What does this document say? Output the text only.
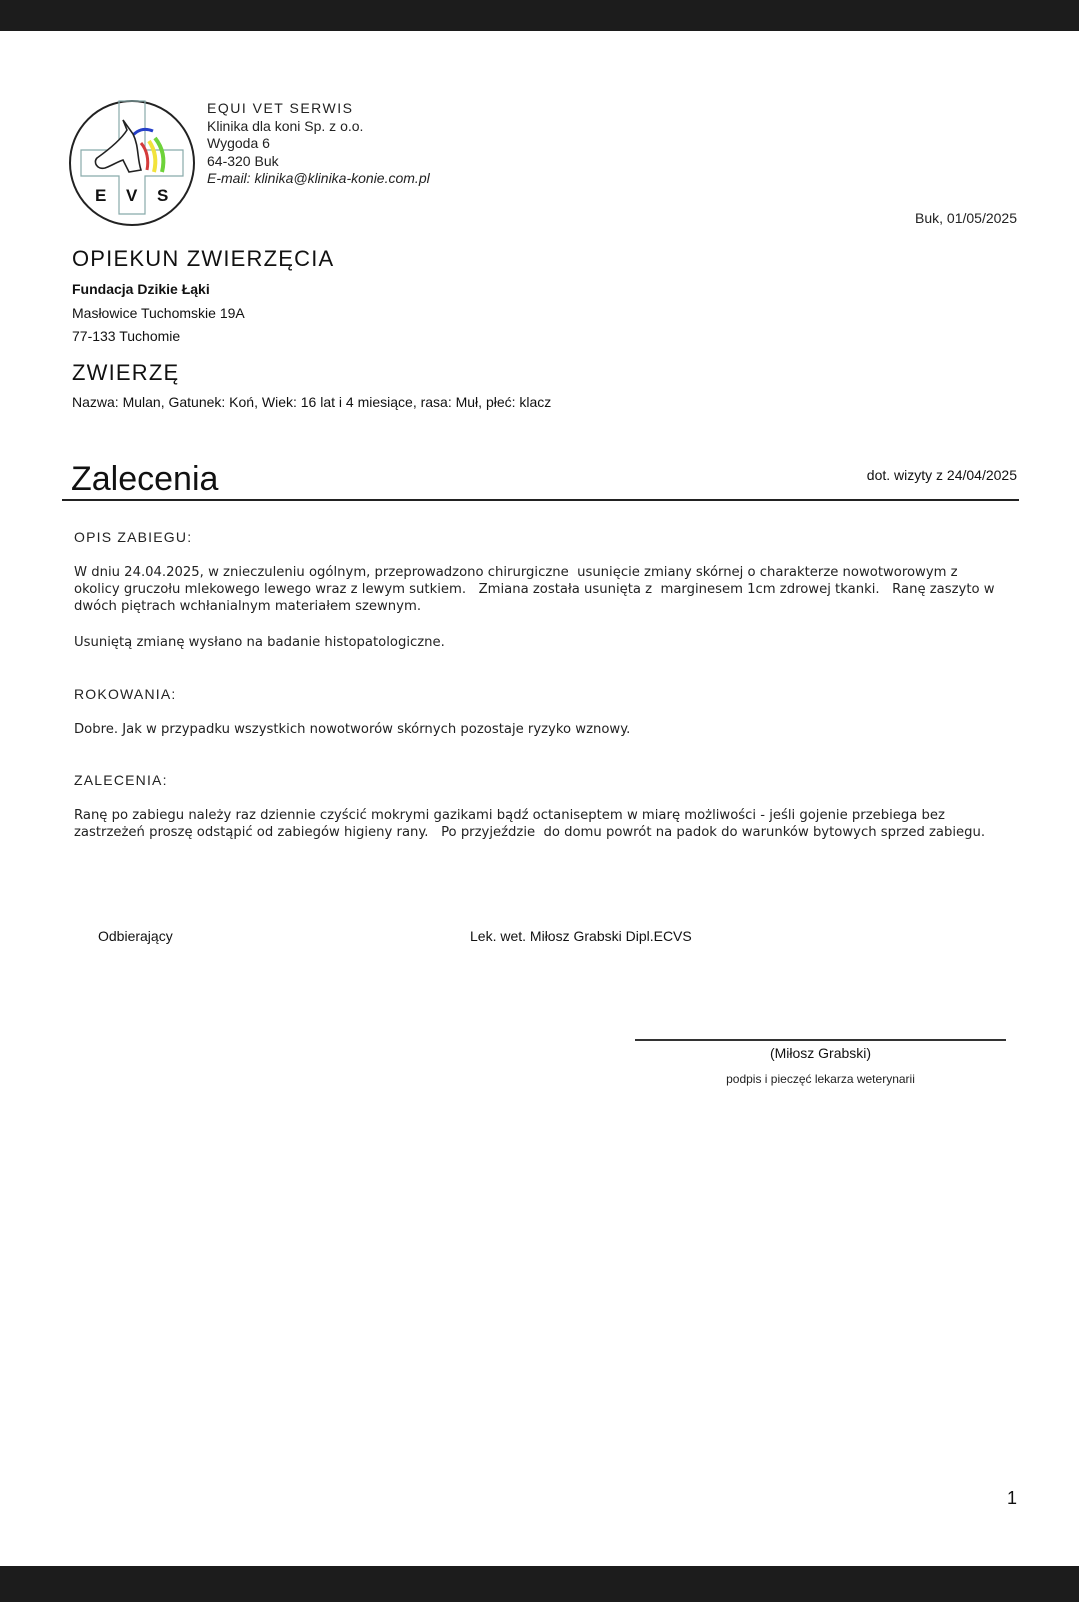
E V S
EQUI VET SERWIS
Klinika dla koni Sp. z o.o.
Wygoda 6
64-320 Buk
E-mail: klinika@klinika-konie.com.pl
Buk, 01/05/2025
OPIEKUN ZWIERZĘCIA
Fundacja Dzikie Łąki
Masłowice Tuchomskie 19A
77-133 Tuchomie
ZWIERZĘ
Nazwa: Mulan, Gatunek: Koń, Wiek: 16 lat i 4 miesiące, rasa: Muł, płeć: klacz
Zalecenia	dot. wizyty z 24/04/2025
OPIS ZABIEGU:
W dniu 24.04.2025, w znieczuleniu ogólnym, przeprowadzono chirurgiczne  usunięcie zmiany skórnej o charakterze nowotworowym z okolicy gruczołu mlekowego lewego wraz z lewym sutkiem.   Zmiana została usunięta z  marginesem 1cm zdrowej tkanki.   Ranę zaszyto w dwóch piętrach wchłanialnym materiałem szewnym.
Usuniętą zmianę wysłano na badanie histopatologiczne.
ROKOWANIA:
Dobre. Jak w przypadku wszystkich nowotworów skórnych pozostaje ryzyko wznowy.
ZALECENIA:
Ranę po zabiegu należy raz dziennie czyścić mokrymi gazikami bądź octaniseptem w miarę możliwości - jeśli gojenie przebiega bez zastrzeżeń proszę odstąpić od zabiegów higieny rany.   Po przyjeździe  do domu powrót na padok do warunków bytowych sprzed zabiegu.
Odbierający	Lek. wet. Miłosz Grabski Dipl.ECVS
(Miłosz Grabski)
podpis i pieczęć lekarza weterynarii
1
